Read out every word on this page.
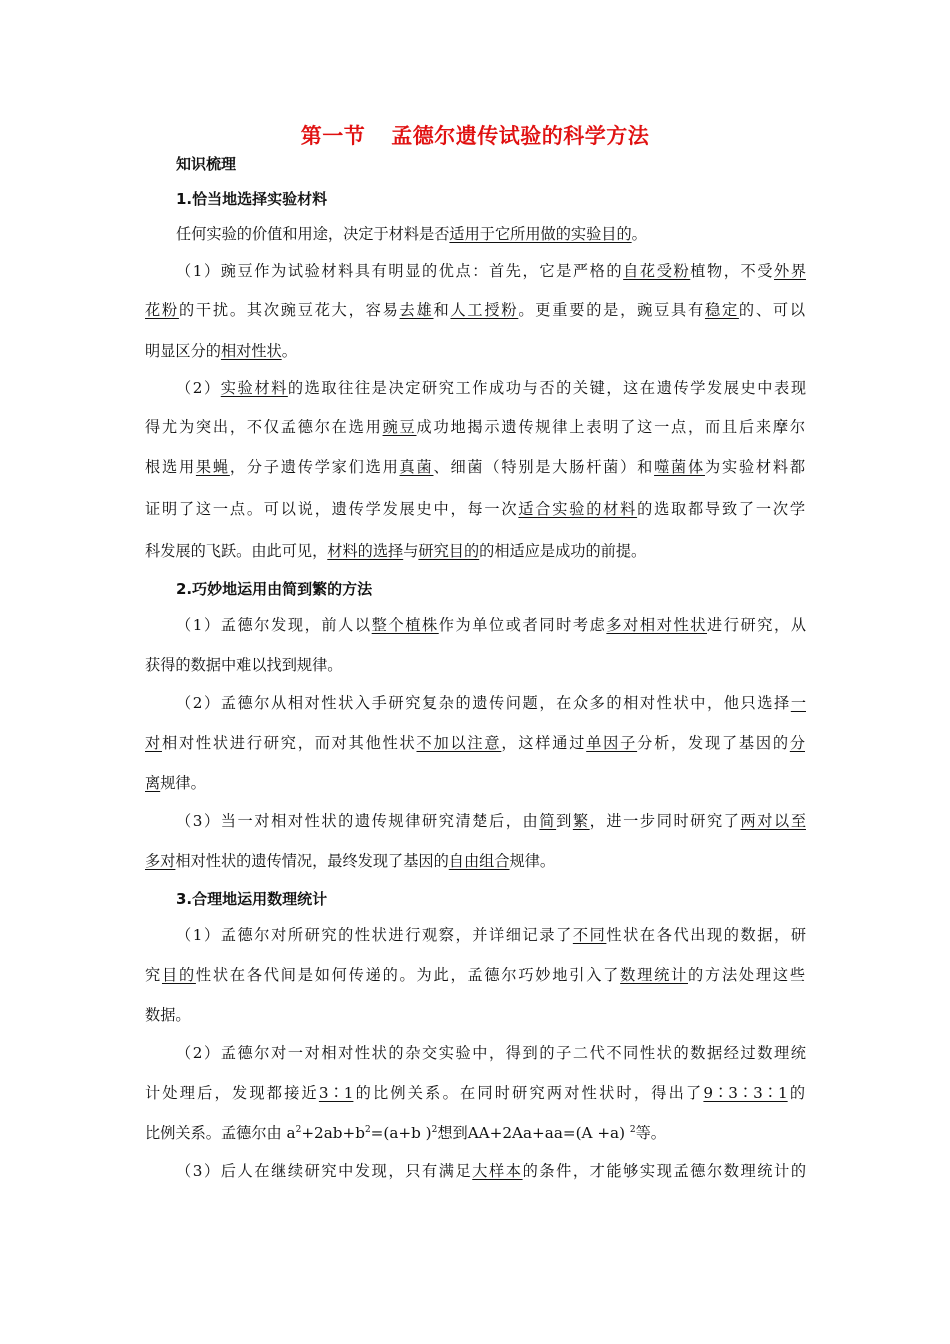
第一节 孟德尔遗传试验的科学方法
知识梳理
1.恰当地选择实验材料
任何实验的价值和用途，决定于材料是否适用于它所用做的实验目的。
（1）豌豆作为试验材料具有明显的优点：首先，它是严格的自花受粉植物，不受外界
花粉的干扰。其次豌豆花大，容易去雄和人工授粉。更重要的是，豌豆具有稳定的、可以
明显区分的相对性状。
（2）实验材料的选取往往是决定研究工作成功与否的关键，这在遗传学发展史中表现
得尤为突出，不仅孟德尔在选用豌豆成功地揭示遗传规律上表明了这一点，而且后来摩尔
根选用果蝇，分子遗传学家们选用真菌、细菌（特别是大肠杆菌）和噬菌体为实验材料都
证明了这一点。可以说，遗传学发展史中，每一次适合实验的材料的选取都导致了一次学
科发展的飞跃。由此可见，材料的选择与研究目的的相适应是成功的前提。
2.巧妙地运用由简到繁的方法
（1）孟德尔发现，前人以整个植株作为单位或者同时考虑多对相对性状进行研究，从
获得的数据中难以找到规律。
（2）孟德尔从相对性状入手研究复杂的遗传问题，在众多的相对性状中，他只选择一
对相对性状进行研究，而对其他性状不加以注意，这样通过单因子分析，发现了基因的分
离规律。
（3）当一对相对性状的遗传规律研究清楚后，由简到繁，进一步同时研究了两对以至
多对相对性状的遗传情况，最终发现了基因的自由组合规律。
3.合理地运用数理统计
（1）孟德尔对所研究的性状进行观察，并详细记录了不同性状在各代出现的数据，研
究目的性状在各代间是如何传递的。为此，孟德尔巧妙地引入了数理统计的方法处理这些
数据。
（2）孟德尔对一对相对性状的杂交实验中，得到的子二代不同性状的数据经过数理统
计处理后，发现都接近3∶1的比例关系。在同时研究两对性状时，得出了9∶3∶3∶1的
比例关系。孟德尔由 $a^2+2ab+b^2=(a+b$ )$^2$想到AA+2Aa+aa=(A +a) $^2$等。
（3）后人在继续研究中发现，只有满足大样本的条件，才能够实现孟德尔数理统计的
